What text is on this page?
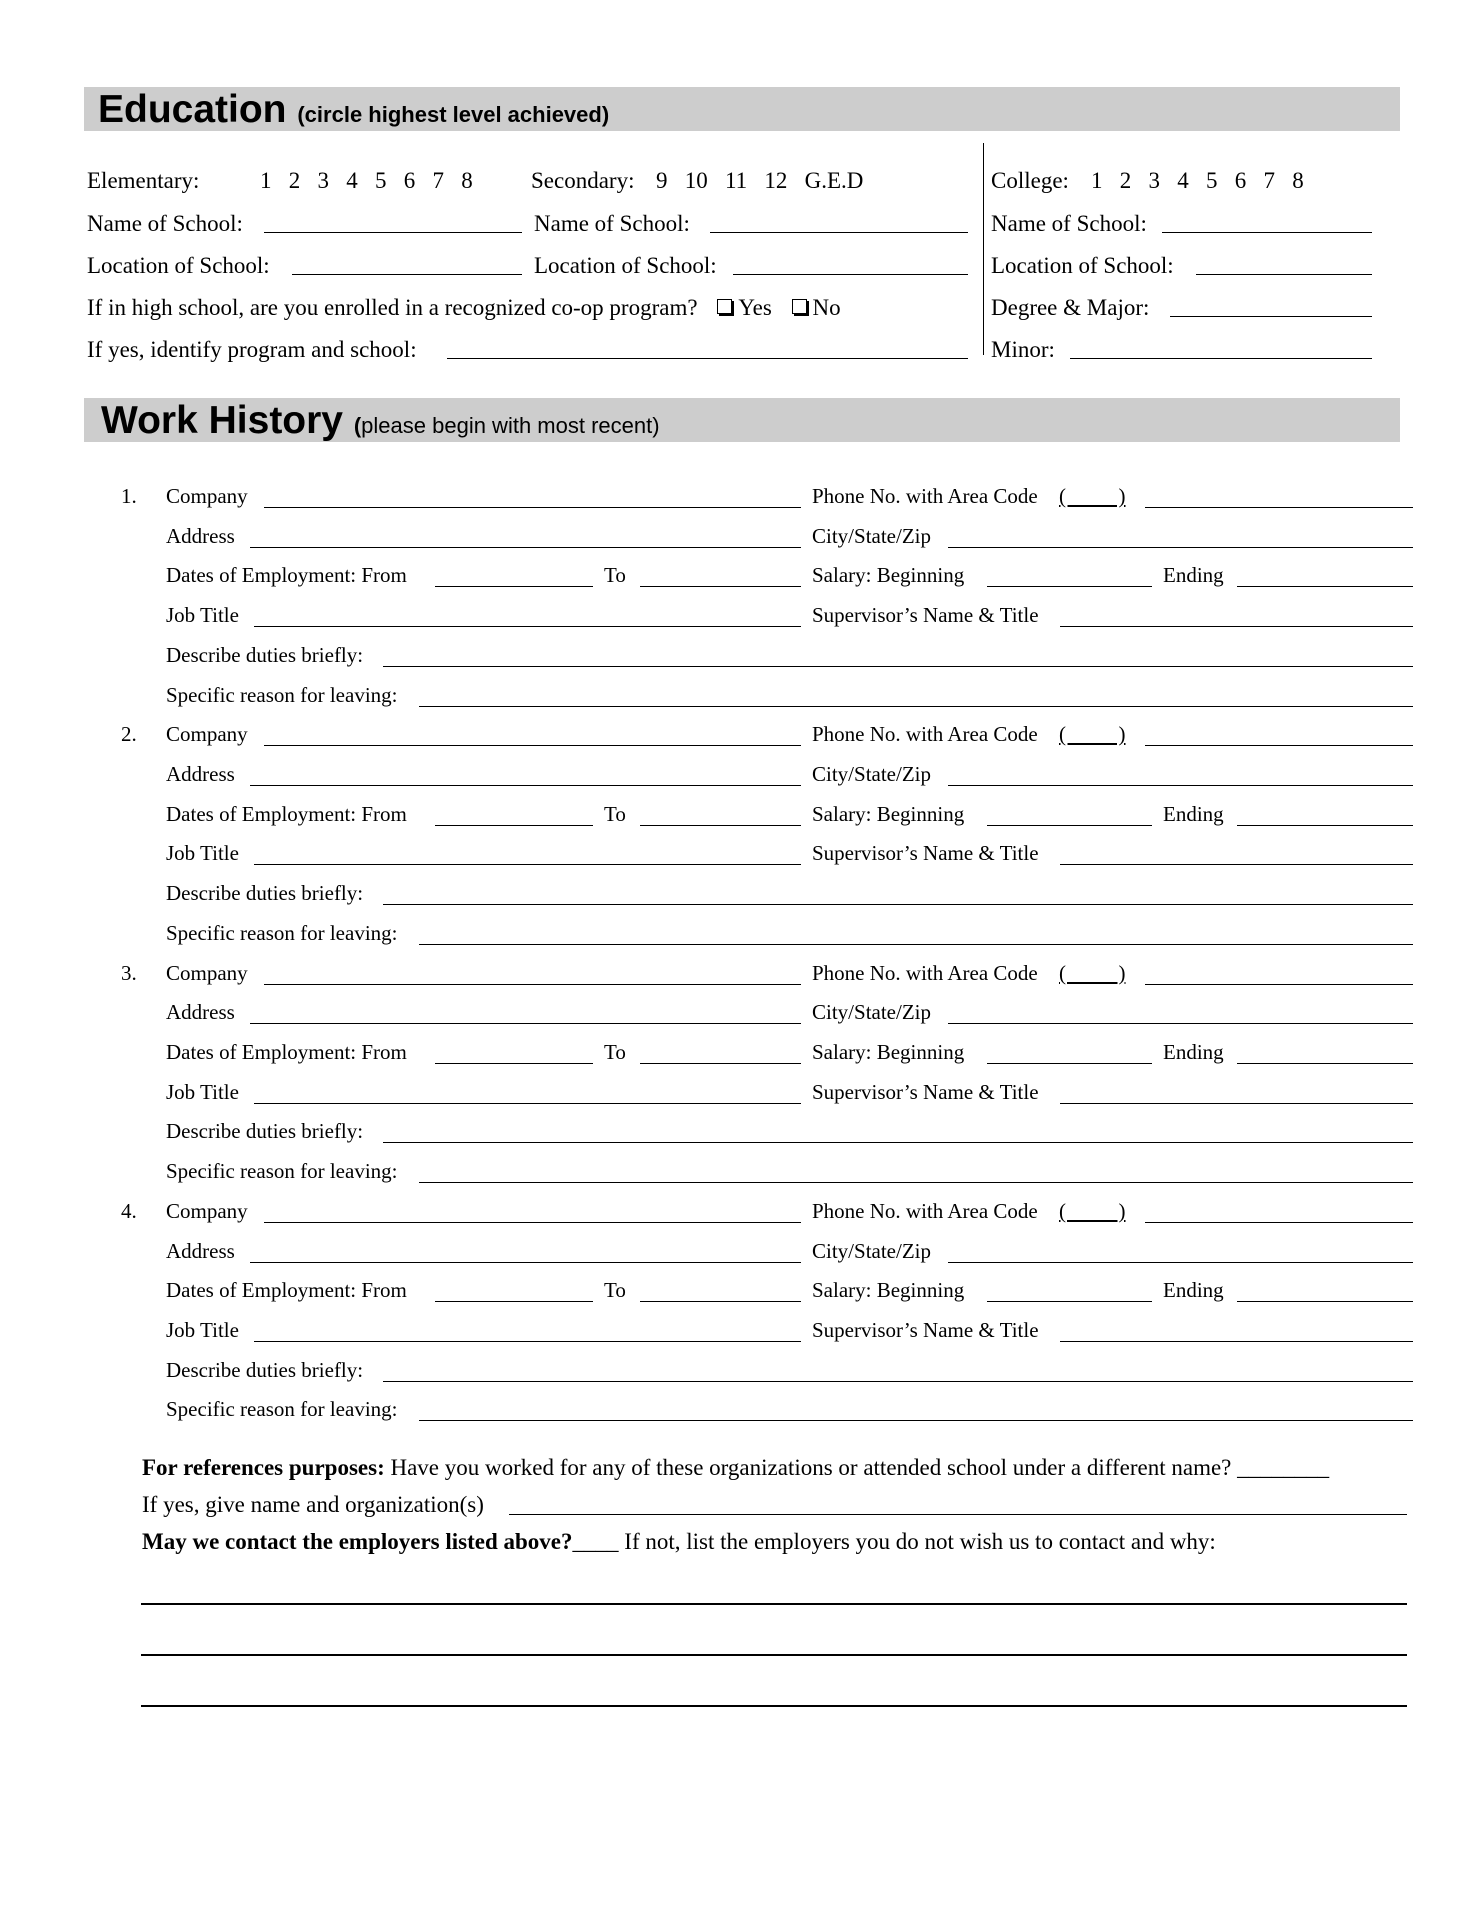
Education (circle highest level achieved)
Elementary:	1   2   3   4   5   6   7   8	Secondary: 9   10   11   12   G.E.D	College: 1   2   3   4   5   6   7   8
Name of School:	Name of School:	Name of School:
Location of School:	Location of School:	Location of School:
If in high school, are you enrolled in a recognized co-op program? Yes No	Degree & Major:
If yes, identify program and school:	Minor:
Work History (please begin with most recent)
1. Company	Phone No. with Area Code (          )
Address	City/State/Zip
Dates of Employment: From	To	Salary: Beginning	Ending
Job Title	Supervisor’s Name & Title
Describe duties briefly:
Specific reason for leaving:
2. Company	Phone No. with Area Code (          )
Address	City/State/Zip
Dates of Employment: From	To	Salary: Beginning	Ending
Job Title	Supervisor’s Name & Title
Describe duties briefly:
Specific reason for leaving:
3. Company	Phone No. with Area Code (          )
Address	City/State/Zip
Dates of Employment: From	To	Salary: Beginning	Ending
Job Title	Supervisor’s Name & Title
Describe duties briefly:
Specific reason for leaving:
4. Company	Phone No. with Area Code (          )
Address	City/State/Zip
Dates of Employment: From	To	Salary: Beginning	Ending
Job Title	Supervisor’s Name & Title
Describe duties briefly:
Specific reason for leaving:
For references purposes: Have you worked for any of these organizations or attended school under a different name? ________
If yes, give name and organization(s)
May we contact the employers listed above?____ If not, list the employers you do not wish us to contact and why:
